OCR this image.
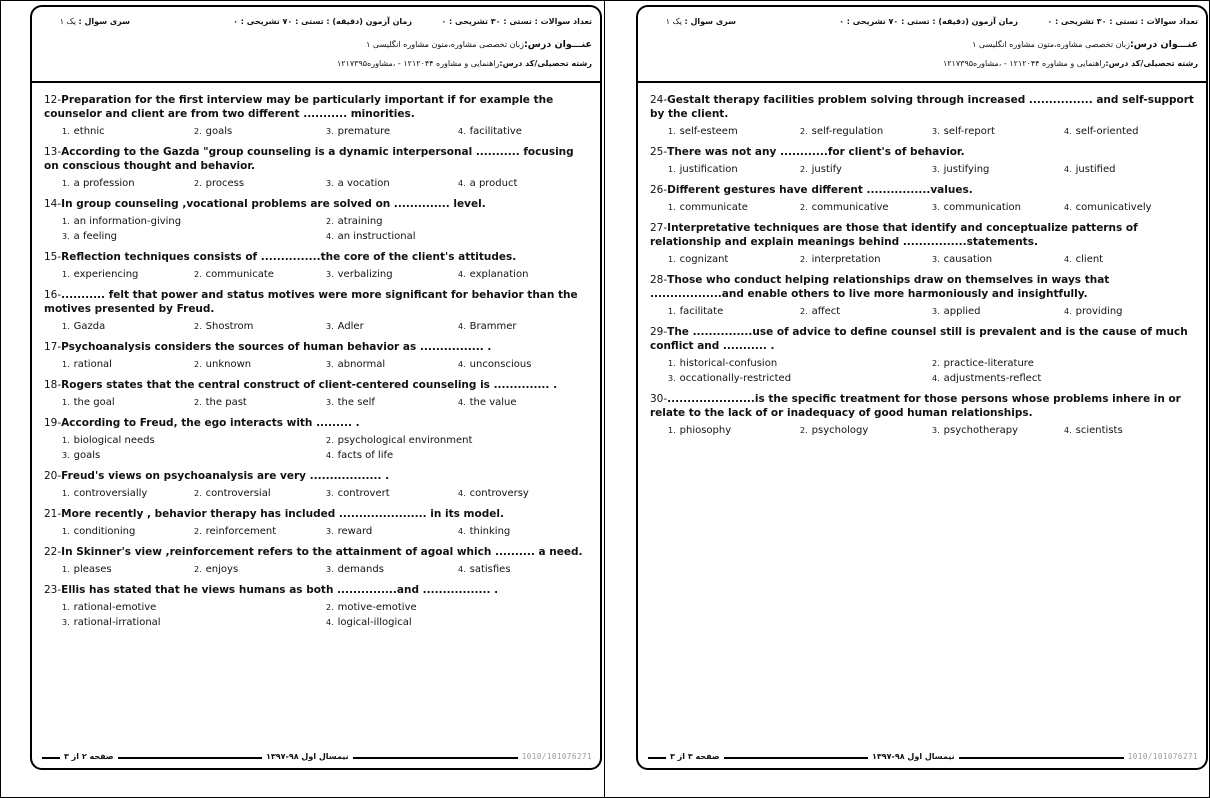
تعداد سوالات : تستی : ۳۰ تشریحی : ۰
زمان آزمون (دقیقه) : تستی : ۷۰ تشریحی : ۰
سری سوال : یک ۱
عنـــوان درس:زبان تخصصی مشاوره،متون مشاوره انگلیسی ۱
رشته تحصیلی/کد درس:راهنمایی و مشاوره ۱۲۱۲۰۴۴ - ،مشاوره۱۲۱۷۳۹۵
12-Preparation for the first interview may be particularly important if for example the counselor and client are from two different ........... minorities.
$^{1.}$ ethnic	$^{2.}$ goals	$^{3.}$ premature	$^{4.}$ facilitative
13-According to the Gazda "group counseling is a dynamic interpersonal ........... focusing on conscious thought and behavior.
$^{1.}$ a profession	$^{2.}$ process	$^{3.}$ a vocation	$^{4.}$ a product
14-In group counseling ,vocational problems are solved on .............. level.
$^{1.}$ an information-giving	$^{2.}$ atraining
$^{3.}$ a feeling	$^{4.}$ an instructional
15-Reflection techniques consists of ...............the core of the client's attitudes.
$^{1.}$ experiencing	$^{2.}$ communicate	$^{3.}$ verbalizing	$^{4.}$ explanation
16-........... felt that power and status motives were more significant for behavior than the motives presented by Freud.
$^{1.}$ Gazda	$^{2.}$ Shostrom	$^{3.}$ Adler	$^{4.}$ Brammer
17-Psychoanalysis considers the sources of human behavior as ................ .
$^{1.}$ rational	$^{2.}$ unknown	$^{3.}$ abnormal	$^{4.}$ unconscious
18-Rogers states that the central construct of client-centered counseling is .............. .
$^{1.}$ the goal	$^{2.}$ the past	$^{3.}$ the self	$^{4.}$ the value
19-According to Freud, the ego interacts with ......... .
$^{1.}$ biological needs	$^{2.}$ psychological environment
$^{3.}$ goals	$^{4.}$ facts of life
20-Freud's views on psychoanalysis are very .................. .
$^{1.}$ controversially	$^{2.}$ controversial	$^{3.}$ controvert	$^{4.}$ controversy
21-More recently , behavior therapy has included ...................... in its model.
$^{1.}$ conditioning	$^{2.}$ reinforcement	$^{3.}$ reward	$^{4.}$ thinking
22-In Skinner's view ,reinforcement refers to the attainment of agoal which .......... a need.
$^{1.}$ pleases	$^{2.}$ enjoys	$^{3.}$ demands	$^{4.}$ satisfies
23-Ellis has stated that he views humans as both ...............and ................. .
$^{1.}$ rational-emotive	$^{2.}$ motive-emotive
$^{3.}$ rational-irrational	$^{4.}$ logical-illogical
صفحه ۲ از ۳	نیمسال اول ۹۸-۱۳۹۷	1010/101076271
تعداد سوالات : تستی : ۳۰ تشریحی : ۰
زمان آزمون (دقیقه) : تستی : ۷۰ تشریحی : ۰
سری سوال : یک ۱
عنـــوان درس:زبان تخصصی مشاوره،متون مشاوره انگلیسی ۱
رشته تحصیلی/کد درس:راهنمایی و مشاوره ۱۲۱۲۰۴۴ - ،مشاوره۱۲۱۷۳۹۵
24-Gestalt therapy facilities problem solving through increased ................ and self-support by the client.
$^{1.}$ self-esteem	$^{2.}$ self-regulation	$^{3.}$ self-report	$^{4.}$ self-oriented
25-There was not any ............for client's of behavior.
$^{1.}$ justification	$^{2.}$ justify	$^{3.}$ justifying	$^{4.}$ justified
26-Different gestures have different ................values.
$^{1.}$ communicate	$^{2.}$ communicative	$^{3.}$ communication	$^{4.}$ comunicatively
27-Interpretative techniques are those that identify and conceptualize patterns of relationship and explain meanings behind ................statements.
$^{1.}$ cognizant	$^{2.}$ interpretation	$^{3.}$ causation	$^{4.}$ client
28-Those who conduct helping relationships draw on themselves in ways that ..................and enable others to live more harmoniously and insightfully.
$^{1.}$ facilitate	$^{2.}$ affect	$^{3.}$ applied	$^{4.}$ providing
29-The ...............use of advice to define counsel still is prevalent and is the cause of much conflict and ........... .
$^{1.}$ historical-confusion	$^{2.}$ practice-literature
$^{3.}$ occationally-restricted	$^{4.}$ adjustments-reflect
30-......................is the specific treatment for those persons whose problems inhere in or relate to the lack of or inadequacy of good human relationships.
$^{1.}$ phiosophy	$^{2.}$ psychology	$^{3.}$ psychotherapy	$^{4.}$ scientists
صفحه ۳ از ۳	نیمسال اول ۹۸-۱۳۹۷	1010/101076271
